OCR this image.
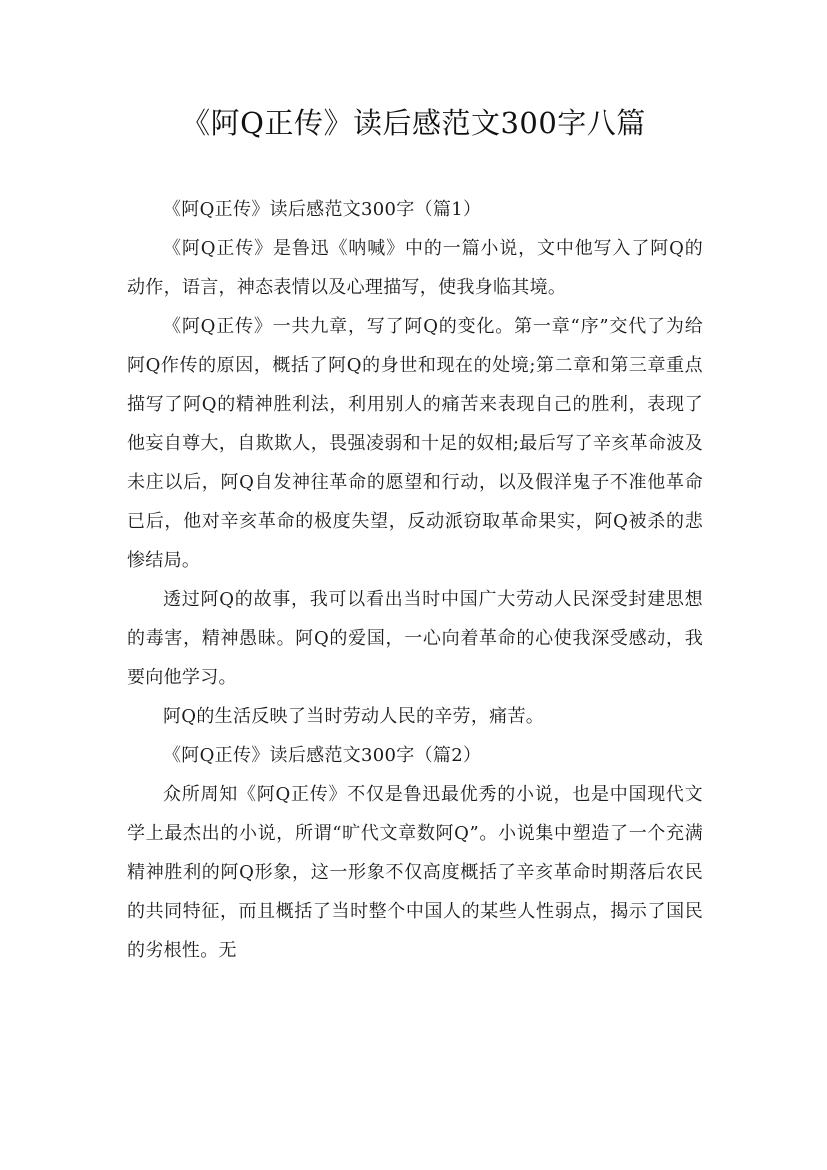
《阿Q正传》读后感范文300字八篇

《阿Q正传》读后感范文300字（篇1）

《阿Q正传》是鲁迅《呐喊》中的一篇小说，文中他写入了阿Q的动作，语言，神态表情以及心理描写，使我身临其境。

《阿Q正传》一共九章，写了阿Q的变化。第一章“序”交代了为给阿Q作传的原因，概括了阿Q的身世和现在的处境;第二章和第三章重点描写了阿Q的精神胜利法，利用别人的痛苦来表现自己的胜利，表现了他妄自尊大，自欺欺人，畏强凌弱和十足的奴相;最后写了辛亥革命波及未庄以后，阿Q自发神往革命的愿望和行动，以及假洋鬼子不准他革命已后，他对辛亥革命的极度失望，反动派窃取革命果实，阿Q被杀的悲惨结局。

透过阿Q的故事，我可以看出当时中国广大劳动人民深受封建思想的毒害，精神愚昧。阿Q的爱国，一心向着革命的心使我深受感动，我要向他学习。

阿Q的生活反映了当时劳动人民的辛劳，痛苦。

《阿Q正传》读后感范文300字（篇2）

众所周知《阿Q正传》不仅是鲁迅最优秀的小说，也是中国现代文学上最杰出的小说，所谓“旷代文章数阿Q”。小说集中塑造了一个充满精神胜利的阿Q形象，这一形象不仅高度概括了辛亥革命时期落后农民的共同特征，而且概括了当时整个中国人的某些人性弱点，揭示了国民的劣根性。无
